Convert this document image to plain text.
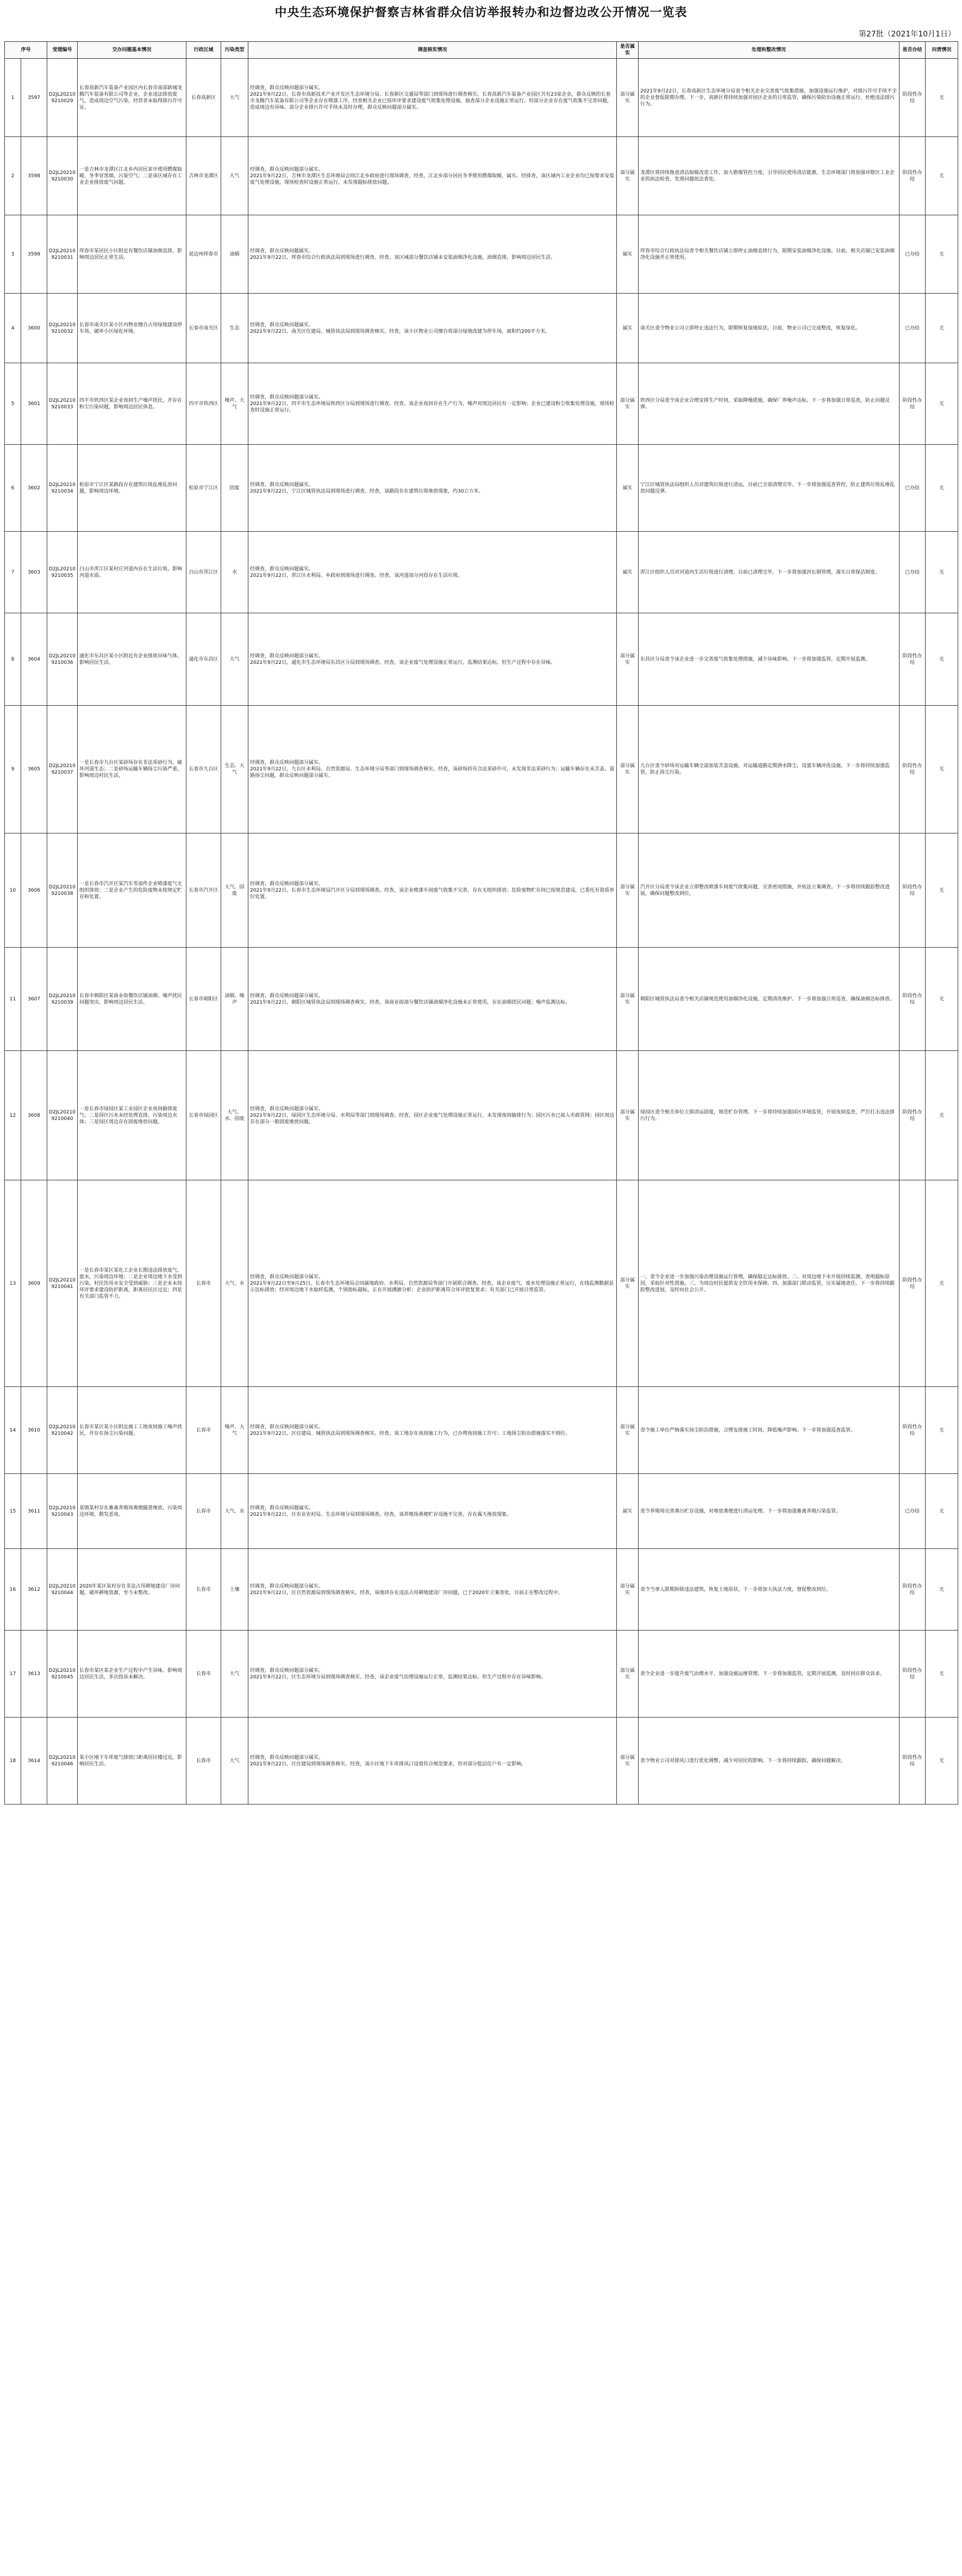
中央生态环境保护督察吉林省群众信访举报转办和边督边改公开情况一览表
第27批（2021年10月1日）
序号		受理编号	交办问题基本情况	行政区域	污染类型	调查核实情况	是否属实	处理和整改情况	是否办结	问责情况
1	3597	D2JL202109210029	长春高新汽车装备产业园区内长春市南部新城龙腾汽车装备有限公司等企业，企业违法排放废气，造成周边空气污染，经营者未取得排污许可证。	长春高新区	大气	经调查，群众反映问题部分属实。
2021年9月22日，长春市高新技术产业开发区生态环境分局、长春新区交通局等部门到现场进行调查核实。长春高新汽车装备产业园区共有23家企业，群众反映的长春市龙腾汽车装备有限公司等企业存在喷漆工序，经查相关企业已按环评要求建设废气收集处理设施，抽查部分企业设施正常运行。但部分企业存在废气收集不完善问题，造成周边有异味。部分企业排污许可手续未及时办理，群众反映问题部分属实。	部分属实	2021年9月22日，长春高新区生态环境分局责令相关企业完善废气收集措施，加强设施运行维护，对排污许可手续不全的企业督促限期办理。下一步，高新区将持续加强对园区企业的日常监管，确保污染防治设施正常运行，杜绝违法排污行为。	阶段性办结	无
2	3598	D2JL202109210030	一是吉林市龙潭区江北乡内居民家中使用燃煤取暖，冬季冒黑烟，污染空气；二是该区域存在工业企业排放废气问题。	吉林市龙潭区	大气	经调查，群众反映问题部分属实。
2021年9月22日，吉林市龙潭区生态环境局会同江北乡政府进行现场调查。经查，江北乡部分居民冬季使用燃煤取暖，属实。经排查，该区域内工业企业均已按要求安装废气处理设施，现场检查时设施正常运行，未发现超标排放问题。	部分属实	龙潭区将持续推进清洁取暖改造工作，加大散煤管控力度，引导居民使用清洁能源。生态环境部门将加强对辖区工业企业的执法检查，发现问题依法查处。	阶段性办结	无
3	3599	D2JL202109210031	珲春市某居民小区附近有餐饮店铺油烟直排，影响周边居民正常生活。	延边州珲春市	油烟	经调查，群众反映问题属实。
2021年9月22日，珲春市综合行政执法局到现场进行调查。经查，该区域部分餐饮店铺未安装油烟净化设施，油烟直排，影响周边居民生活。	属实	珲春市综合行政执法局责令相关餐饮店铺立即停止油烟直排行为，限期安装油烟净化设施。目前，相关店铺已安装油烟净化设施并正常使用。	已办结	无
4	3600	D2JL202109210032	长春市南关区某小区内物业擅自占用绿地建设停车场，破坏小区绿化环境。	长春市南关区	生态	经调查，群众反映问题属实。
2021年9月22日，南关区住建局、城管执法局到现场调查核实。经查，该小区物业公司擅自将部分绿地改建为停车场，面积约200平方米。	属实	南关区责令物业公司立即停止违法行为，限期恢复绿地原状。目前，物业公司已完成整改，恢复绿化。	已办结	无
5	3601	D2JL202109210033	四平市铁西区某企业夜间生产噪声扰民，并存在粉尘污染问题，影响周边居民休息。	四平市铁西区	噪声、大气	经调查，群众反映问题部分属实。
2021年9月22日，四平市生态环境局铁西区分局到现场进行调查。经查，该企业夜间存在生产行为，噪声对周边居民有一定影响；企业已建设粉尘收集处理设施，现场检查时设施正常运行。	部分属实	铁西区分局责令该企业合理安排生产时间，采取降噪措施，确保厂界噪声达标。下一步将加强日常巡查，防止问题反弹。	阶段性办结	无
6	3602	D2JL202109210034	松原市宁江区某路段存在建筑垃圾乱堆乱放问题，影响周边环境。	松原市宁江区	固废	经调查，群众反映问题属实。
2021年9月22日，宁江区城管执法局到现场进行调查。经查，该路段存在建筑垃圾堆放现象，约30立方米。	属实	宁江区城管执法局组织人员对建筑垃圾进行清运，目前已全部清理完毕。下一步将加强巡查管控，防止建筑垃圾乱堆乱放问题反弹。	已办结	无
7	3603	D2JL202109210035	白山市浑江区某村庄河道内存在生活垃圾，影响河道水质。	白山市浑江区	水	经调查，群众反映问题属实。
2021年9月22日，浑江区水利局、乡政府到现场进行调查。经查，该河道部分河段存在生活垃圾。	属实	浑江区组织人员对河道内生活垃圾进行清理，目前已清理完毕。下一步将加强河长制管理，落实日常保洁制度。	已办结	无
8	3604	D2JL202109210036	通化市东昌区某小区附近有企业排放异味气体，影响居民生活。	通化市东昌区	大气	经调查，群众反映问题部分属实。
2021年9月22日，通化市生态环境局东昌区分局到现场调查。经查，该企业废气处理设施正常运行，监测结果达标，但生产过程中存在异味。	部分属实	东昌区分局责令该企业进一步完善废气收集处理措施，减少异味影响。下一步将加强监管，定期开展监测。	阶段性办结	无
9	3605	D2JL202109210037	一是长春市九台区某砂场存在非法采砂行为，破坏河道生态；二是砂场运输车辆扬尘污染严重，影响周边村民生活。	长春市九台区	生态、大气	经调查，群众反映问题部分属实。
2021年9月22日，九台区水利局、自然资源局、生态环境分局等部门到现场调查核实。经查，该砂场持有合法采砂许可，未发现非法采砂行为；运输车辆存在未苫盖、道路扬尘问题，群众反映问题部分属实。	部分属实	九台区责令砂场对运输车辆全部加装苫盖设施，对运输道路定期洒水降尘，设置车辆冲洗设施。下一步将持续加强监管，防止扬尘污染。	阶段性办结	无
10	3606	D2JL202109210038	一是长春市汽开区某汽车零部件企业喷漆废气无组织排放；二是企业产生的危险废物未按规定贮存和处置。	长春市汽开区	大气、固废	经调查，群众反映问题部分属实。
2021年9月22日，长春市生态环境局汽开区分局到现场调查。经查，该企业喷漆车间废气收集不完善，存在无组织排放；危险废物贮存间已按规范建设，已委托有资质单位处置。	部分属实	汽开区分局责令该企业立即整改喷漆车间废气收集问题，完善密闭措施，并依法立案调查。下一步将持续跟踪整改进展，确保问题整改到位。	阶段性办结	无
11	3607	D2JL202109210039	长春市朝阳区某商业街餐饮店铺油烟、噪声扰民问题突出，影响周边居民生活。	长春市朝阳区	油烟、噪声	经调查，群众反映问题部分属实。
2021年9月22日，朝阳区城管执法局到现场调查核实。经查，该商业街部分餐饮店铺油烟净化设施未正常使用，存在油烟扰民问题；噪声监测达标。	部分属实	朝阳区城管执法局责令相关店铺规范使用油烟净化设施，定期清洗维护。下一步将加强日常巡查，确保油烟达标排放。	阶段性办结	无
12	3608	D2JL202109210040	一是长春市绿园区某工业园区企业夜间偷排废气；二是园区污水未经处理直排，污染周边水体；三是园区周边存在固废堆放问题。	长春市绿园区	大气、水、固废	经调查，群众反映问题部分属实。
2021年9月22日，绿园区生态环境分局、水利局等部门到现场调查。经查，园区企业废气处理设施正常运行，未发现夜间偷排行为；园区污水已接入市政管网；园区周边存在部分一般固废堆放问题。	部分属实	绿园区责令相关单位立即清运固废，规范贮存管理。下一步将持续加强园区环境监管，开展夜间巡查，严厉打击违法排污行为。	阶段性办结	无
13	3609	D2JL202109210041	一是长春市某区某化工企业长期违法排放废气、废水，污染周边环境；二是企业周边地下水受到污染，村民饮用水安全受到威胁；三是企业未按环评要求建设防护距离，距离居民区过近；四是有关部门监管不力。	长春市	大气、水	经调查，群众反映问题部分属实。
2021年9月22日至9月25日，长春市生态环境局会同属地政府、水利局、自然资源局等部门开展联合调查。经查，该企业废气、废水处理设施正常运行，在线监测数据显示达标排放；经对周边地下水取样监测，个别指标超标，正在开展溯源分析；企业防护距离符合环评批复要求；有关部门已开展日常监管。	部分属实	一、责令企业进一步加强污染治理设施运行管理，确保稳定达标排放。二、对周边地下水开展持续监测，查明超标原因，采取针对性措施。三、为周边村民提供安全饮用水保障。四、加强部门联动监管，压实属地责任。下一步将持续跟踪整改进展，及时向社会公开。	阶段性办结	无
14	3610	D2JL202109210042	长春市某区某小区附近施工工地夜间施工噪声扰民，并存在扬尘污染问题。	长春市	噪声、大气	经调查，群众反映问题部分属实。
2021年9月22日，区住建局、城管执法局到现场调查核实。经查，该工地存在夜间施工行为，已办理夜间施工许可；工地扬尘防治措施落实不到位。	部分属实	责令施工单位严格落实扬尘防治措施，合理安排施工时间，降低噪声影响。下一步将加强巡查监管。	阶段性办结	无
15	3611	D2JL202109210043	某镇某村存在畜禽养殖场粪便随意堆放，污染周边环境，散发恶臭。	长春市	大气、水	经调查，群众反映问题属实。
2021年9月22日，区农业农村局、生态环境分局到现场调查。经查，该养殖场粪便贮存设施不完善，存在露天堆放现象。	属实	责令养殖场完善粪污贮存设施，对堆放粪便进行清运处理。下一步将加强畜禽养殖污染监管。	已办结	无
16	3612	D2JL202109210044	2020年某区某村存在非法占用耕地建设厂房问题，破坏耕地资源，至今未整改。	长春市	土壤	经调查，群众反映问题部分属实。
2021年9月22日，区自然资源局到现场调查核实。经查，该地块存在违法占用耕地建设厂房问题，已于2020年立案查处，目前正在整改过程中。	部分属实	责令当事人限期拆除违法建筑，恢复土地原状。下一步将加大执法力度，督促整改到位。	阶段性办结	无
17	3613	D2JL202109210045	长春市某区某企业生产过程中产生异味，影响周边居民生活，多次投诉未解决。	长春市	大气	经调查，群众反映问题部分属实。
2021年9月22日，区生态环境分局到现场调查核实。经查，该企业废气治理设施运行正常，监测结果达标，但生产过程中存在异味影响。	部分属实	责令企业进一步提升废气治理水平，加强设施运维管理。下一步将加强监管，定期开展监测，及时回应群众诉求。	阶段性办结	无
18	3614	D2JL202109210046	某小区地下车库废气排放口距离居民楼过近，影响居民生活。	长春市	大气	经调查，群众反映问题部分属实。
2021年9月22日，区住建局到现场调查核实。经查，该小区地下车库排风口设置符合规范要求，但对部分低层住户有一定影响。	部分属实	责令物业公司对排风口进行优化调整，减少对居民的影响。下一步将持续跟踪，确保问题解决。	阶段性办结	无
